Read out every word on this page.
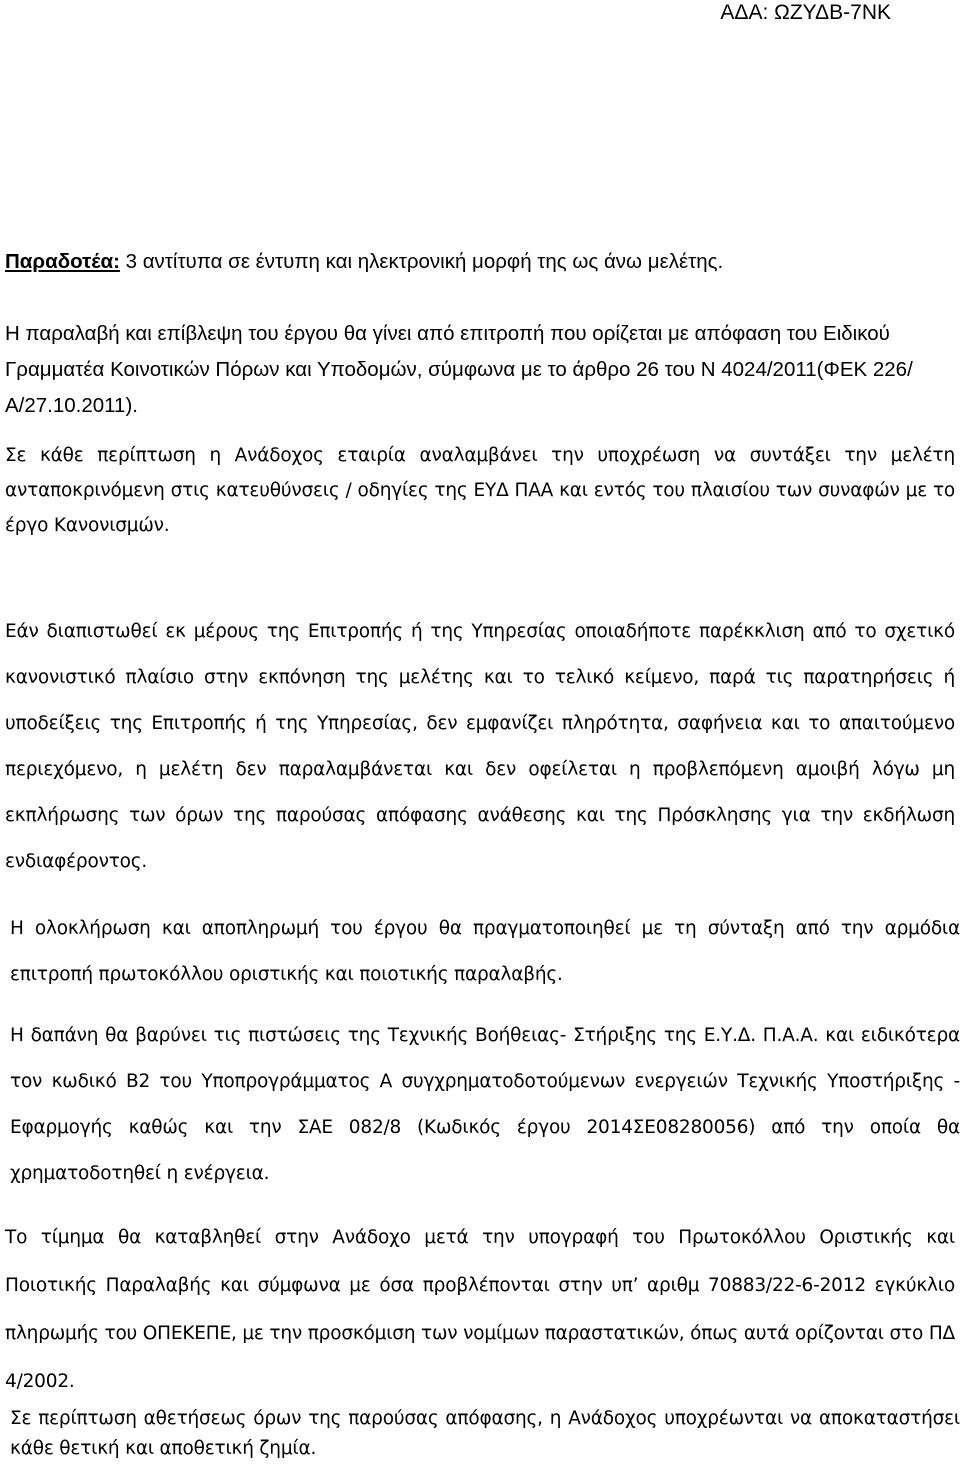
ΑΔΑ: ΩΖΥΔΒ-7ΝΚ

Παραδοτέα: 3 αντίτυπα σε έντυπη και ηλεκτρονική μορφή της ως άνω μελέτης.

Η παραλαβή και επίβλεψη του έργου θα γίνει από επιτροπή που ορίζεται με απόφαση του Ειδικού Γραμματέα Κοινοτικών Πόρων και Υποδομών, σύμφωνα με το άρθρο 26 του Ν 4024/2011(ΦΕΚ 226/Α/27.10.2011).

Σε κάθε περίπτωση η Ανάδοχος εταιρία αναλαμβάνει την υποχρέωση να συντάξει την μελέτη ανταποκρινόμενη στις κατευθύνσεις / οδηγίες της ΕΥΔ ΠΑΑ και εντός του πλαισίου των συναφών με το έργο Κανονισμών.

Εάν διαπιστωθεί εκ μέρους της Επιτροπής ή της Υπηρεσίας οποιαδήποτε παρέκκλιση από το σχετικό κανονιστικό πλαίσιο στην εκπόνηση της μελέτης και το τελικό κείμενο, παρά τις παρατηρήσεις ή υποδείξεις της Επιτροπής ή της Υπηρεσίας, δεν εμφανίζει πληρότητα, σαφήνεια και το απαιτούμενο περιεχόμενο, η μελέτη δεν παραλαμβάνεται και δεν οφείλεται η προβλεπόμενη αμοιβή λόγω μη εκπλήρωσης των όρων της παρούσας απόφασης ανάθεσης και της Πρόσκλησης για την εκδήλωση ενδιαφέροντος.

Η ολοκλήρωση και αποπληρωμή του έργου θα πραγματοποιηθεί με τη σύνταξη από την αρμόδια επιτροπή πρωτοκόλλου οριστικής και ποιοτικής παραλαβής.

Η δαπάνη θα βαρύνει τις πιστώσεις της Τεχνικής Βοήθειας- Στήριξης της Ε.Υ.Δ. Π.Α.Α. και ειδικότερα τον κωδικό Β2 του Υποπρογράμματος Α συγχρηματοδοτούμενων ενεργειών Τεχνικής Υποστήριξης - Εφαρμογής καθώς και την ΣΑΕ 082/8 (Κωδικός έργου 2014ΣΕ08280056) από την οποία θα χρηματοδοτηθεί η ενέργεια.

Το τίμημα θα καταβληθεί στην Ανάδοχο μετά την υπογραφή του Πρωτοκόλλου Οριστικής και Ποιοτικής Παραλαβής και σύμφωνα με όσα προβλέπονται στην υπ’ αριθμ 70883/22-6-2012 εγκύκλιο πληρωμής του ΟΠΕΚΕΠΕ, με την προσκόμιση των νομίμων παραστατικών, όπως αυτά ορίζονται στο ΠΔ 4/2002.

Σε περίπτωση αθετήσεως όρων της παρούσας απόφασης, η Ανάδοχος υποχρέωνται να αποκαταστήσει κάθε θετική και αποθετική ζημία.
